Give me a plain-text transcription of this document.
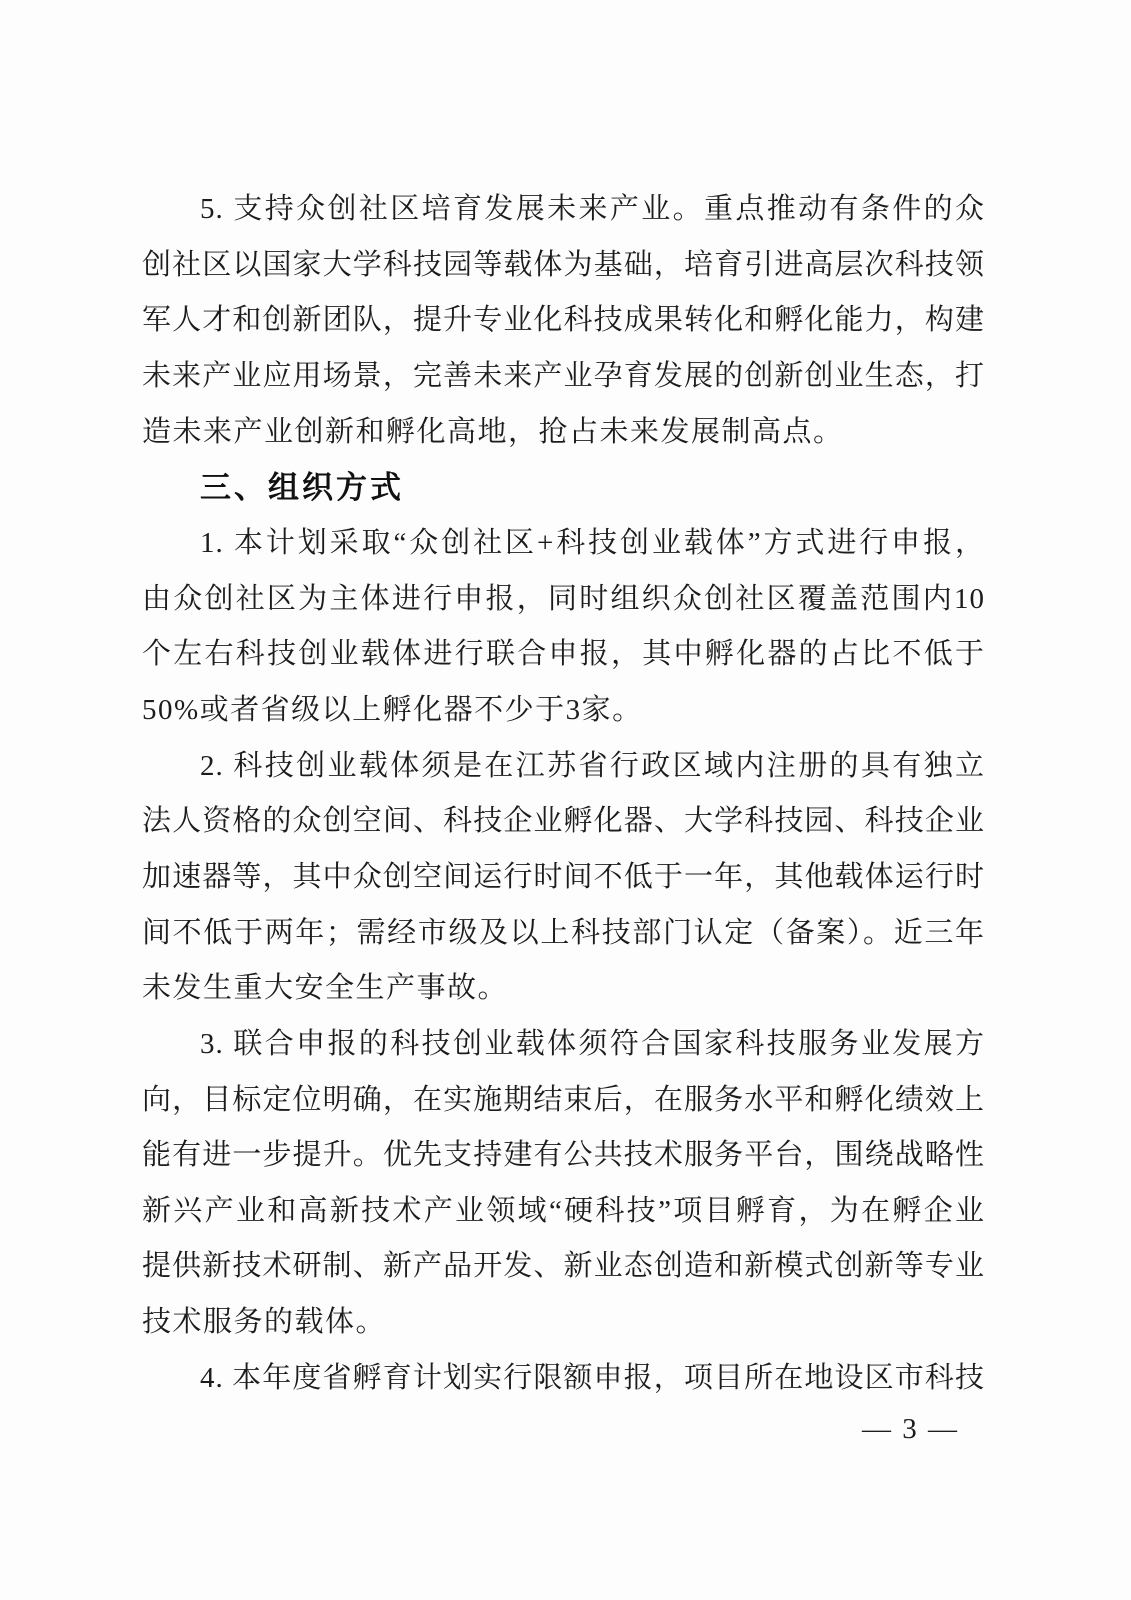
5. 支持众创社区培育发展未来产业。重点推动有条件的众
创社区以国家大学科技园等载体为基础，培育引进高层次科技领
军人才和创新团队，提升专业化科技成果转化和孵化能力，构建
未来产业应用场景，完善未来产业孕育发展的创新创业生态，打
造未来产业创新和孵化高地，抢占未来发展制高点。
三、组织方式
1. 本计划采取“众创社区+科技创业载体”方式进行申报，
由众创社区为主体进行申报，同时组织众创社区覆盖范围内10
个左右科技创业载体进行联合申报，其中孵化器的占比不低于
50%或者省级以上孵化器不少于3家。
2. 科技创业载体须是在江苏省行政区域内注册的具有独立
法人资格的众创空间、科技企业孵化器、大学科技园、科技企业
加速器等，其中众创空间运行时间不低于一年，其他载体运行时
间不低于两年；需经市级及以上科技部门认定（备案）。近三年
未发生重大安全生产事故。
3. 联合申报的科技创业载体须符合国家科技服务业发展方
向，目标定位明确，在实施期结束后，在服务水平和孵化绩效上
能有进一步提升。优先支持建有公共技术服务平台，围绕战略性
新兴产业和高新技术产业领域“硬科技”项目孵育，为在孵企业
提供新技术研制、新产品开发、新业态创造和新模式创新等专业
技术服务的载体。
4. 本年度省孵育计划实行限额申报，项目所在地设区市科技
— 3 —
